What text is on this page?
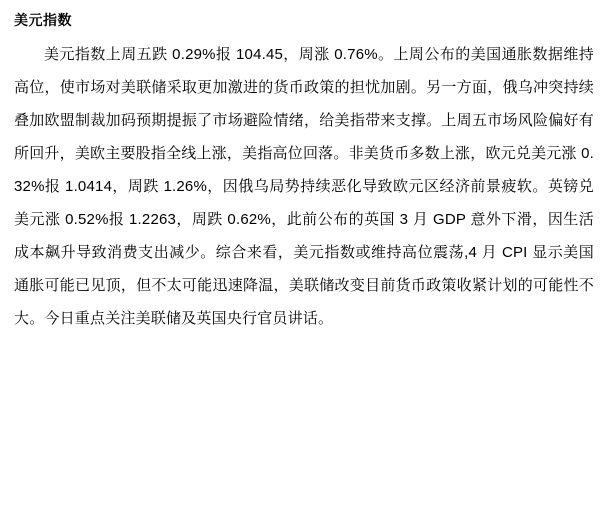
美元指数

美元指数上周五跌 0.29%报 104.45，周涨 0.76%。上周公布的美国通胀数据维持高位，使市场对美联储采取更加激进的货币政策的担忧加剧。另一方面，俄乌冲突持续叠加欧盟制裁加码预期提振了市场避险情绪，给美指带来支撑。上周五市场风险偏好有所回升，美欧主要股指全线上涨，美指高位回落。非美货币多数上涨，欧元兑美元涨 0.32%报 1.0414，周跌 1.26%，因俄乌局势持续恶化导致欧元区经济前景疲软。英镑兑美元涨 0.52%报 1.2263，周跌 0.62%，此前公布的英国 3 月 GDP 意外下滑，因生活成本飙升导致消费支出减少。综合来看，美元指数或维持高位震荡,4 月 CPI 显示美国通胀可能已见顶，但不太可能迅速降温，美联储改变目前货币政策收紧计划的可能性不大。今日重点关注美联储及英国央行官员讲话。
